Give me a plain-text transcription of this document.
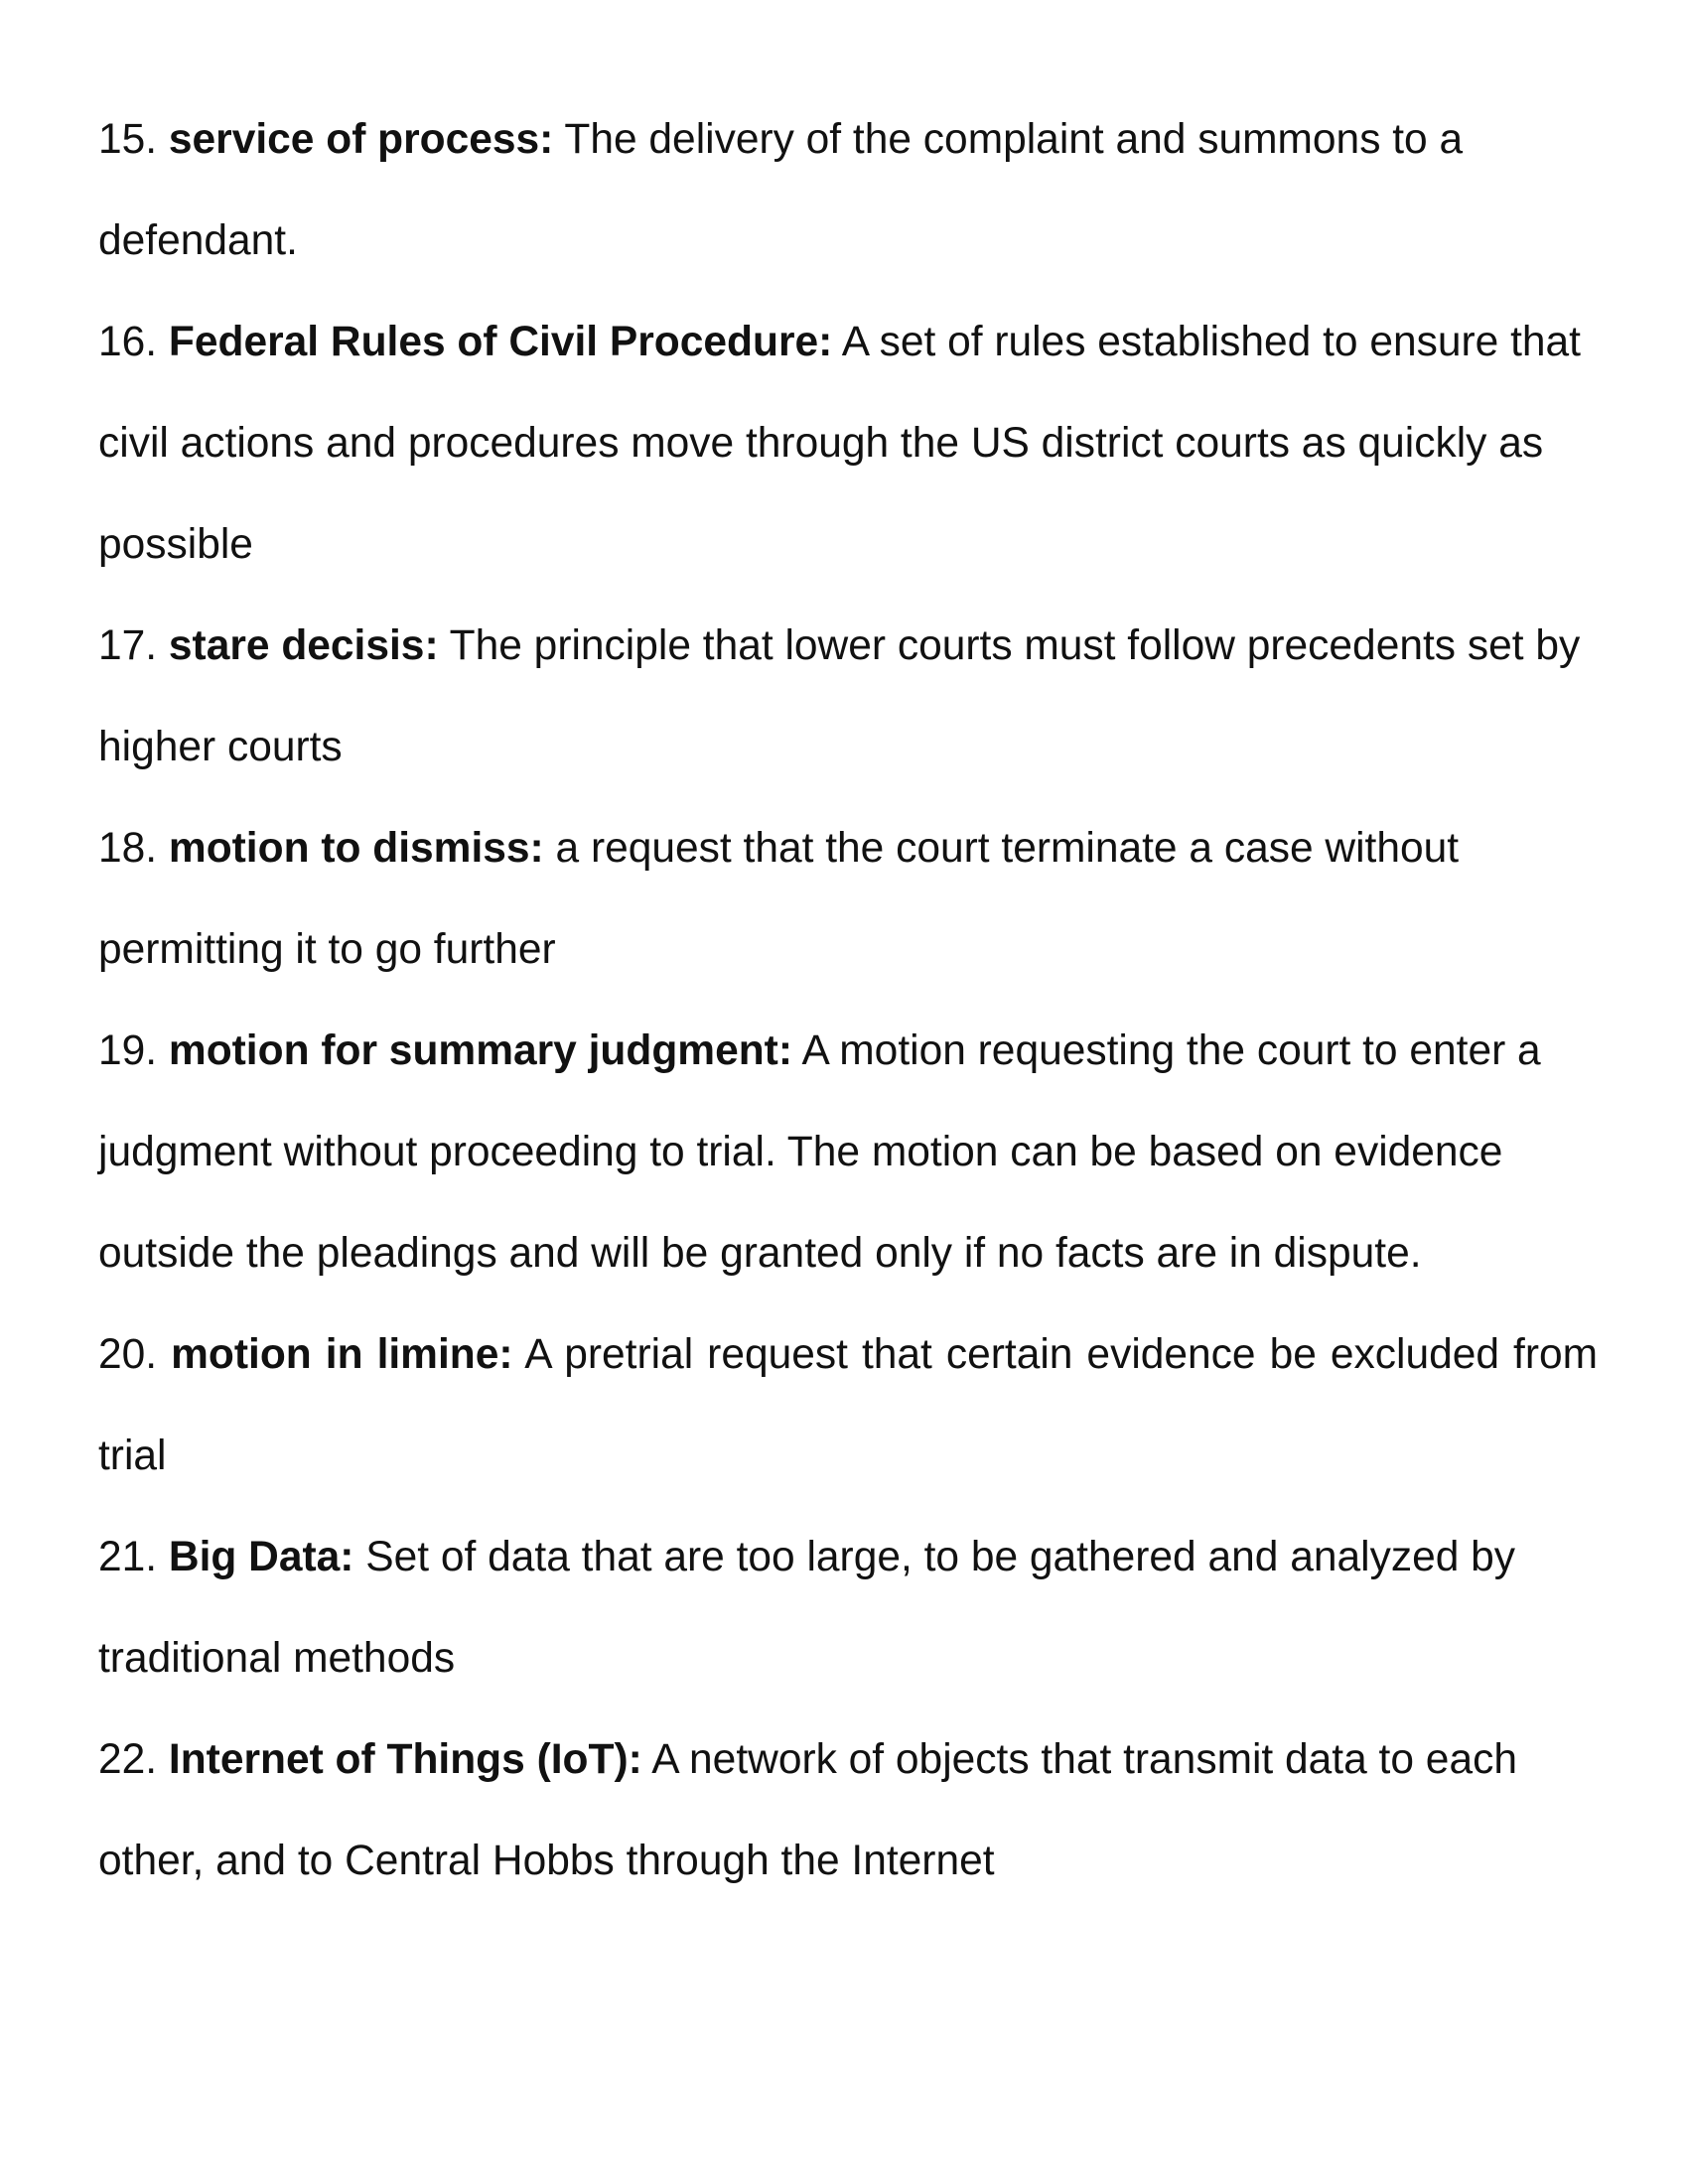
15. service of process: The delivery of the complaint and summons to a defendant.

16. Federal Rules of Civil Procedure: A set of rules established to ensure that civil actions and procedures move through the US district courts as quickly as possible

17. stare decisis: The principle that lower courts must follow precedents set by higher courts

18. motion to dismiss: a request that the court terminate a case without permitting it to go further

19. motion for summary judgment: A motion requesting the court to enter a judgment without proceeding to trial. The motion can be based on evidence outside the pleadings and will be granted only if no facts are in dispute.

20. motion in limine: A pretrial request that certain evidence be excluded from trial

21. Big Data: Set of data that are too large, to be gathered and analyzed by traditional methods

22. Internet of Things (IoT): A network of objects that transmit data to each other, and to Central Hobbs through the Internet
